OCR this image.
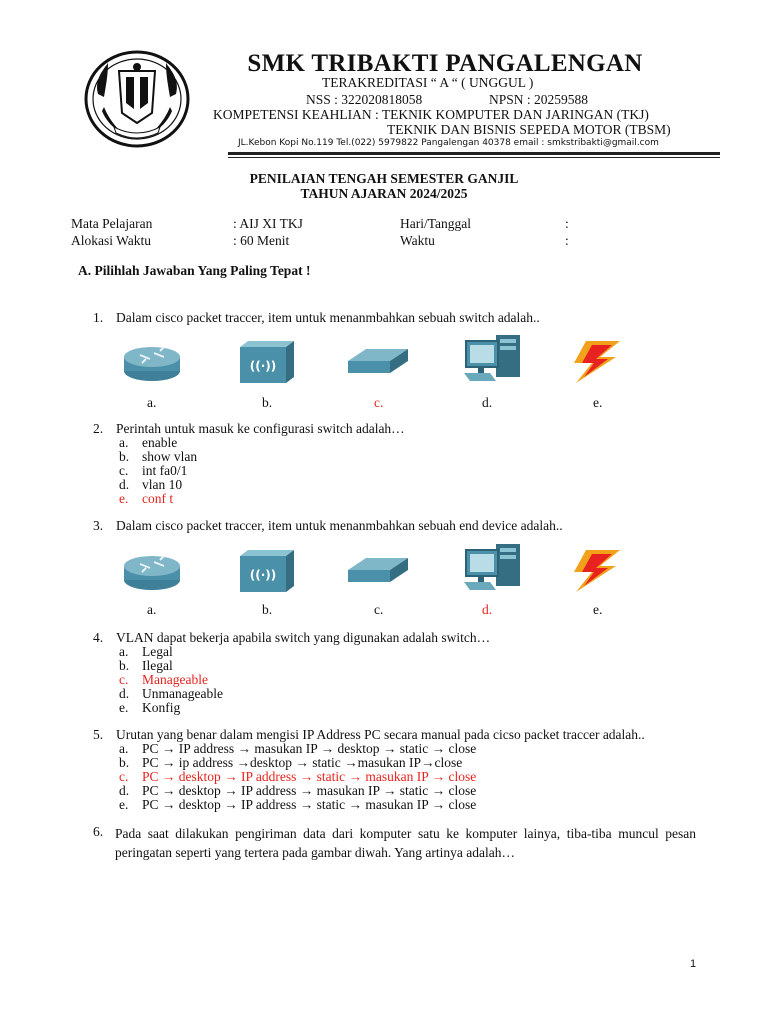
SMK TRIBAKTI PANGALENGAN
TERAKREDITASI “ A “ ( UNGGUL )
NSS : 322020818058	NPSN : 20259588
KOMPETENSI KEAHLIAN : TEKNIK KOMPUTER DAN JARINGAN (TKJ)
TEKNIK DAN BISNIS SEPEDA MOTOR (TBSM)
JL.Kebon Kopi No.119 Tel.(022) 5979822 Pangalengan 40378 email : smkstribakti@gmail.com
PENILAIAN TENGAH SEMESTER GANJIL
TAHUN AJARAN 2024/2025
Mata Pelajaran	: AIJ XI TKJ	Hari/Tanggal	:
Alokasi Waktu	: 60 Menit	Waktu	:
A. Pilihlah Jawaban Yang Paling Tepat !
1. Dalam cisco packet traccer, item untuk menanmbahkan sebuah switch adalah..
((·))
a.	b.	c.	d.	e.
2. Perintah untuk masuk ke configurasi switch adalah…
a. enable
b. show vlan
c. int fa0/1
d. vlan 10
e. conf t
3. Dalam cisco packet traccer, item untuk menanmbahkan sebuah end device adalah..
((·))
a.	b.	c.	d.	e.
4. VLAN dapat bekerja apabila switch yang digunakan adalah switch…
a. Legal
b. Ilegal
c. Manageable
d. Unmanageable
e. Konfig
5. Urutan yang benar dalam mengisi IP Address PC secara manual pada cicso packet traccer adalah..
a. PC → IP address → masukan IP → desktop → static → close
b. PC → ip address →desktop → static →masukan IP→close
c. PC → desktop → IP address → static → masukan IP → close
d. PC → desktop → IP address → masukan IP → static → close
e. PC → desktop → IP address → static → masukan IP → close
6. Pada saat dilakukan pengiriman data dari komputer satu ke komputer lainya, tiba-tiba muncul pesan peringatan seperti yang tertera pada gambar diwah. Yang artinya adalah…
1
